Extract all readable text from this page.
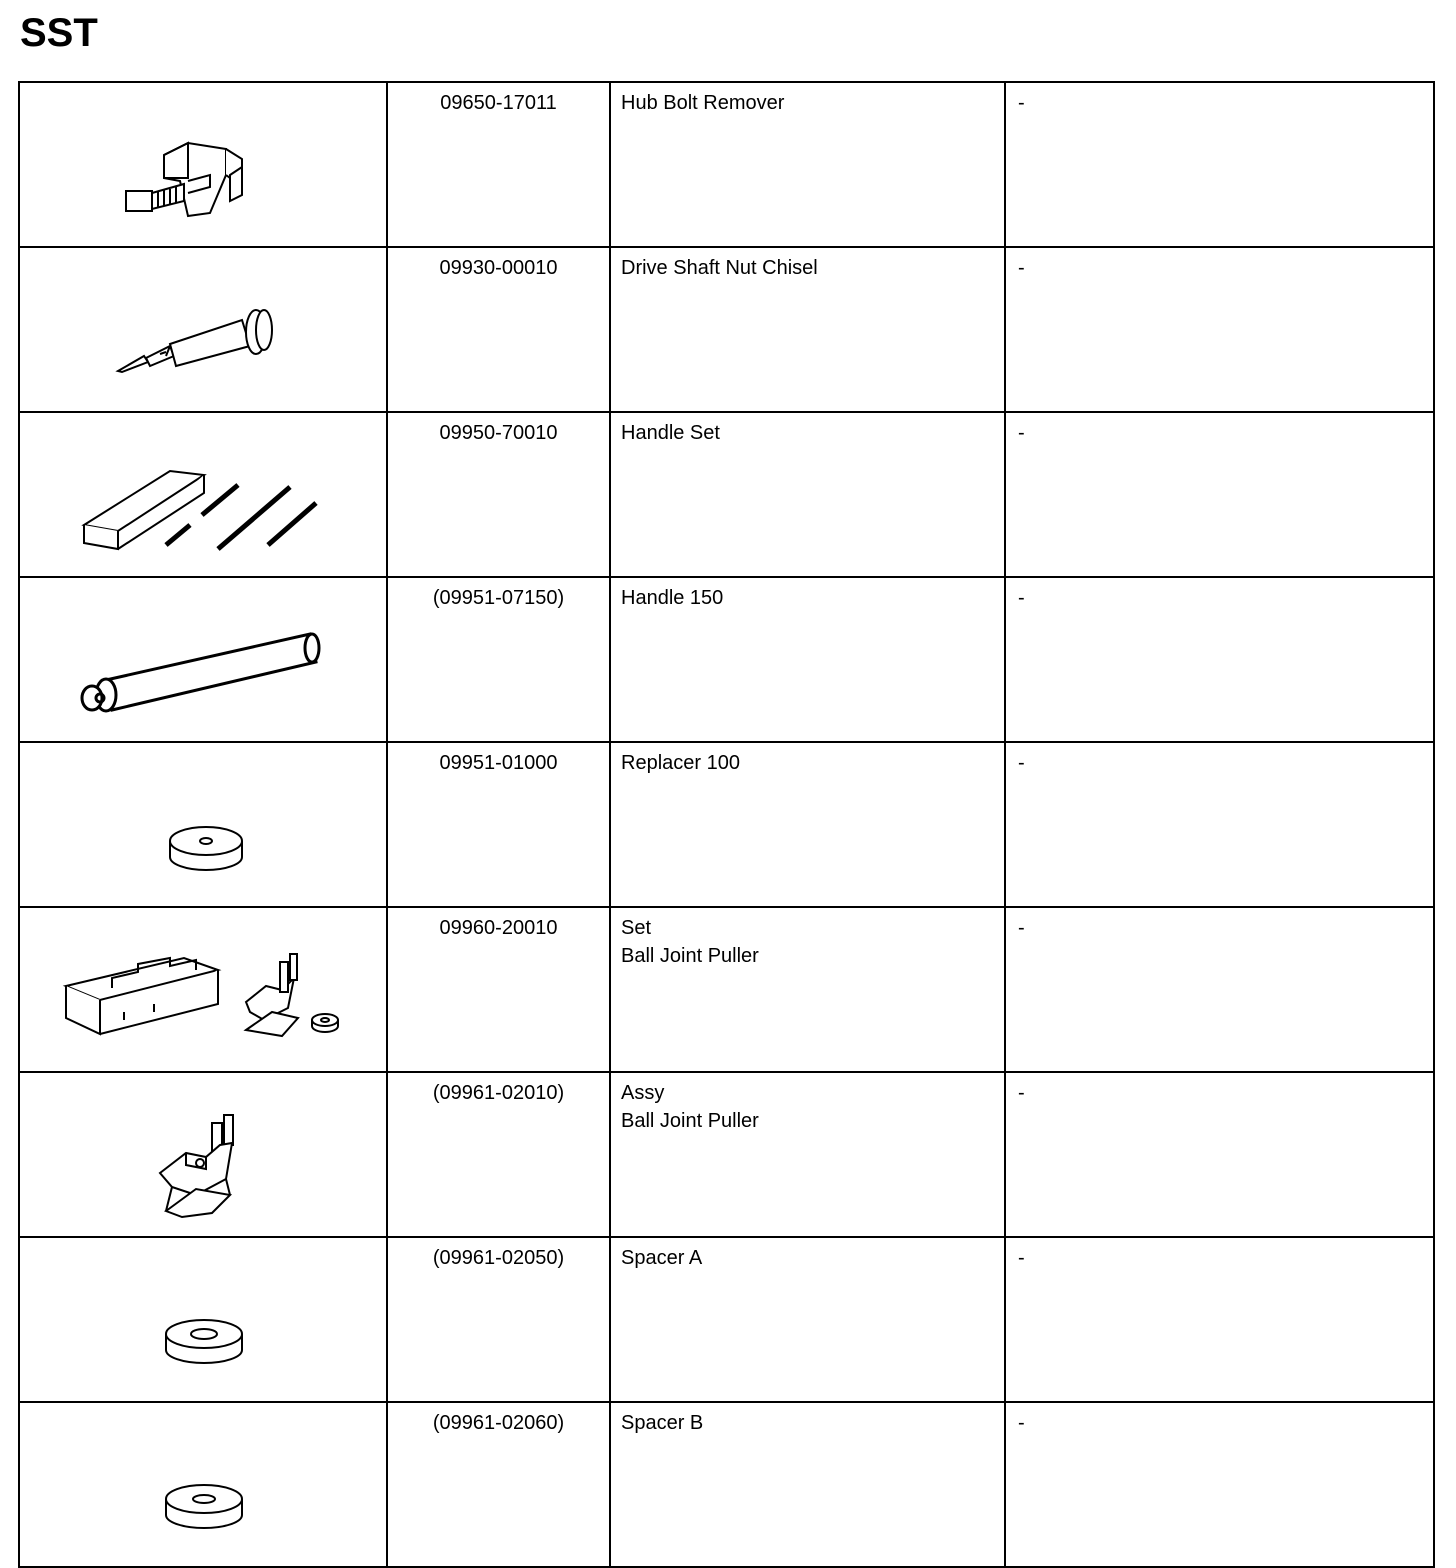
SST
	09650-17011	Hub Bolt Remover	-

	09930-00010	Drive Shaft Nut Chisel	-

	09950-70010	Handle Set	-

	(09951-07150)	Handle 150	-

	09951-01000	Replacer 100	-

	09960-20010	Set
Ball Joint Puller	-

	(09961-02010)	Assy
Ball Joint Puller	-

	(09961-02050)	Spacer A	-

	(09961-02060)	Spacer B	-
